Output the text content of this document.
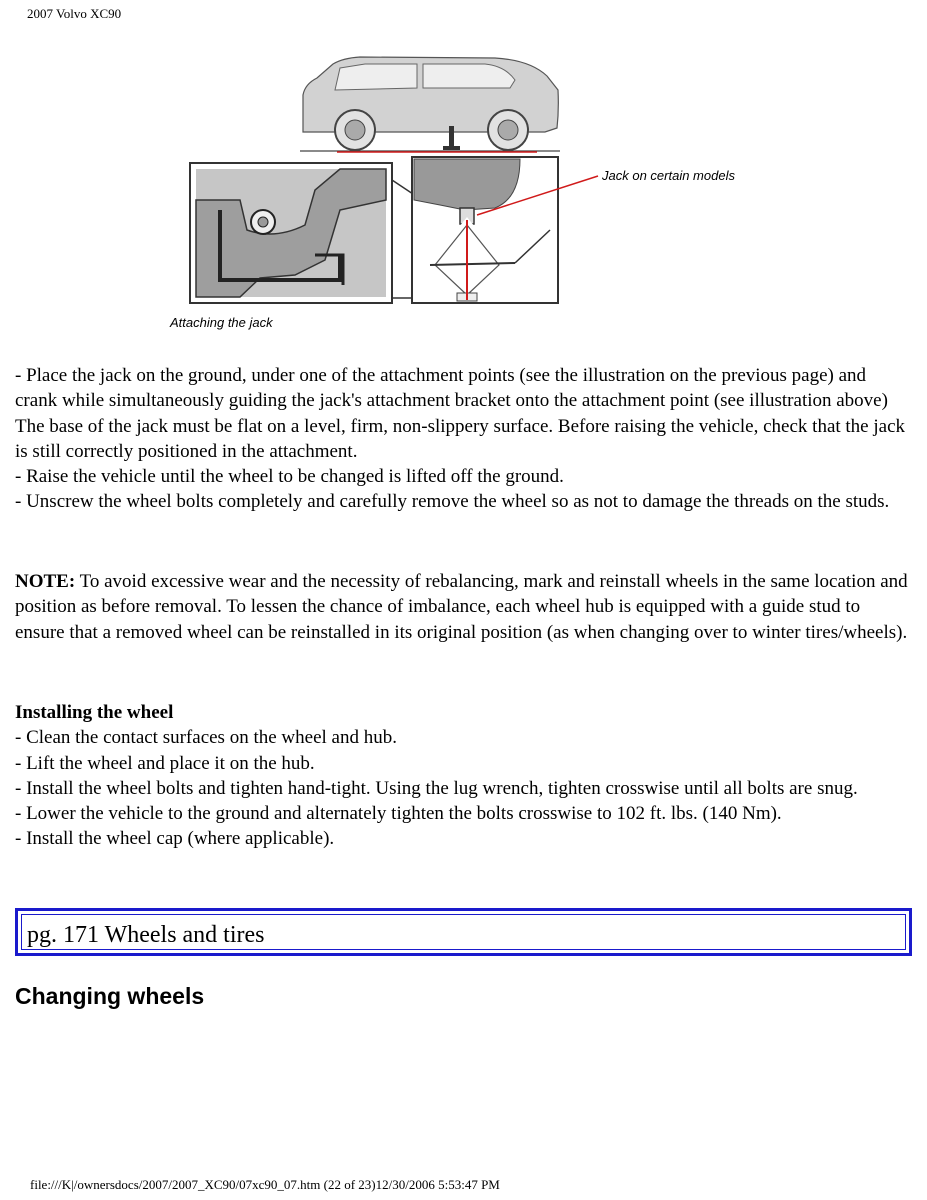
2007 Volvo XC90
Jack on certain models
Attaching the jack

- Place the jack on the ground, under one of the attachment points (see the illustration on the previous page) and crank while simultaneously guiding the jack's attachment bracket onto the attachment point (see illustration above) The base of the jack must be flat on a level, firm, non-slippery surface. Before raising the vehicle, check that the jack is still correctly positioned in the attachment.

- Raise the vehicle until the wheel to be changed is lifted off the ground.

- Unscrew the wheel bolts completely and carefully remove the wheel so as not to damage the threads on the studs.

NOTE: To avoid excessive wear and the necessity of rebalancing, mark and reinstall wheels in the same location and position as before removal. To lessen the chance of imbalance, each wheel hub is equipped with a guide stud to ensure that a removed wheel can be reinstalled in its original position (as when changing over to winter tires/wheels).

Installing the wheel

- Clean the contact surfaces on the wheel and hub.

- Lift the wheel and place it on the hub.

- Install the wheel bolts and tighten hand-tight. Using the lug wrench, tighten crosswise until all bolts are snug.

- Lower the vehicle to the ground and alternately tighten the bolts crosswise to 102 ft. lbs. (140 Nm).

- Install the wheel cap (where applicable).

pg. 171 Wheels and tires
Changing wheels
file:///K|/ownersdocs/2007/2007_XC90/07xc90_07.htm (22 of 23)12/30/2006 5:53:47 PM
